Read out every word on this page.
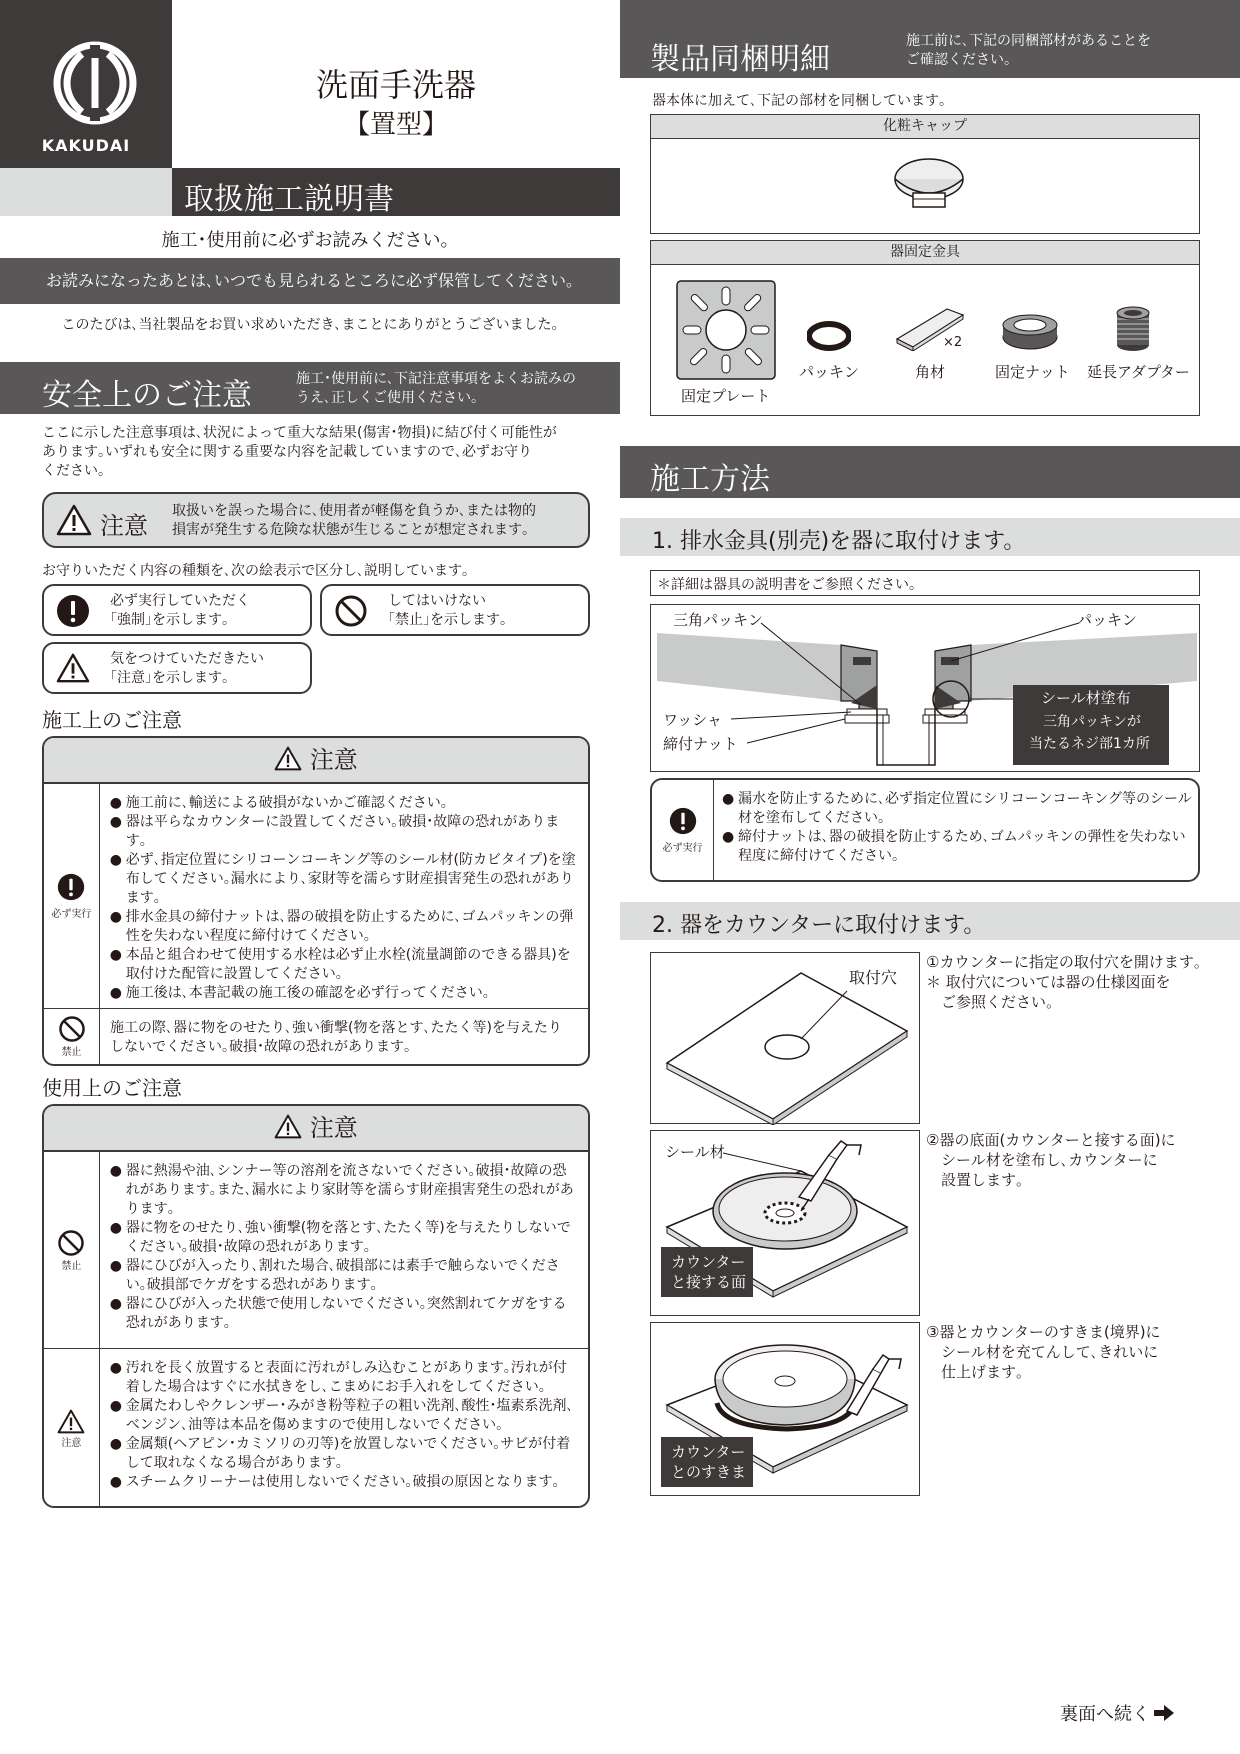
KAKUDAI
洗面手洗器
【置型】
取扱施工説明書
施工･使用前に必ずお読みください。
お読みになったあとは､いつでも見られるところに必ず保管してください｡
このたびは､当社製品をお買い求めいただき､まことにありがとうございました｡
安全上のご注意	施工･使用前に､下記注意事項をよくお読みの
うえ､正しくご使用ください｡
ここに示した注意事項は､状況によって重大な結果(傷害･物損)に結び付く可能性が
あります｡いずれも安全に関する重要な内容を記載していますので､必ずお守り
ください｡
注意
取扱いを誤った場合に､使用者が軽傷を負うか､または物的
損害が発生する危険な状態が生じることが想定されます｡
お守りいただく内容の種類を､次の絵表示で区分し､説明しています｡
必ず実行していただく
｢強制｣を示します｡
してはいけない
｢禁止｣を示します｡
気をつけていただきたい
｢注意｣を示します｡
施工上のご注意
注意
必ず実行
● 施工前に､輸送による破損がないかご確認ください｡
● 器は平らなカウンターに設置してください｡破損･故障の恐れがあります｡
● 必ず､指定位置にシリコーンコーキング等のシール材(防カビタイプ)を塗布してください｡漏水により､家財等を濡らす財産損害発生の恐れがあります｡
● 排水金具の締付ナットは､器の破損を防止するために､ゴムパッキンの弾性を失わない程度に締付けてください｡
● 本品と組合わせて使用する水栓は必ず止水栓(流量調節のできる器具)を取付けた配管に設置してください｡
● 施工後は､本書記載の施工後の確認を必ず行ってください｡
禁止
施工の際､器に物をのせたり､強い衝撃(物を落とす､たたく等)を与えたり
しないでください｡破損･故障の恐れがあります｡
使用上のご注意
注意
禁止
● 器に熱湯や油､シンナー等の溶剤を流さないでください｡破損･故障の恐れがあります｡また､漏水により家財等を濡らす財産損害発生の恐れがあります｡
● 器に物をのせたり､強い衝撃(物を落とす､たたく等)を与えたりしないでください｡破損･故障の恐れがあります｡
● 器にひびが入ったり､割れた場合､破損部には素手で触らないでください｡破損部でケガをする恐れがあります｡
● 器にひびが入った状態で使用しないでください｡突然割れてケガをする恐れがあります｡
注意
● 汚れを長く放置すると表面に汚れがしみ込むことがあります｡汚れが付着した場合はすぐに水拭きをし､こまめにお手入れをしてください｡
● 金属たわしやクレンザー･みがき粉等粒子の粗い洗剤､酸性･塩素系洗剤､ベンジン､油等は本品を傷めますので使用しないでください｡
● 金属類(ヘアピン･カミソリの刃等)を放置しないでください｡サビが付着して取れなくなる場合があります｡
● スチームクリーナーは使用しないでください｡破損の原因となります｡
製品同梱明細
施工前に､下記の同梱部材があることを
ご確認ください｡
器本体に加えて､下記の部材を同梱しています｡
化粧キャップ
器固定金具
固定プレート
パッキン
×2
角材	固定ナット 延長アダプター
施工方法
1. 排水金具(別売)を器に取付けます。
＊詳細は器具の説明書をご参照ください｡
三角パッキン	パッキン
ワッシャ
締付ナット
シール材塗布
三角パッキンが
当たるネジ部1カ所
必ず実行
● 漏水を防止するために､必ず指定位置にシリコーンコーキング等のシール材を塗布してください｡
● 締付ナットは､器の破損を防止するため､ゴムパッキンの弾性を失わない程度に締付けてください｡
2. 器をカウンターに取付けます。
取付穴
①カウンターに指定の取付穴を開けます｡
＊ 取付穴については器の仕様図面を
　ご参照ください｡
シール材
カウンター
と接する面
②器の底面(カウンターと接する面)に
　シール材を塗布し､カウンターに
　設置します｡
カウンター
とのすきま
③器とカウンターのすきま(境界)に
　シール材を充てんして､きれいに
　仕上げます｡
裏面へ続く
